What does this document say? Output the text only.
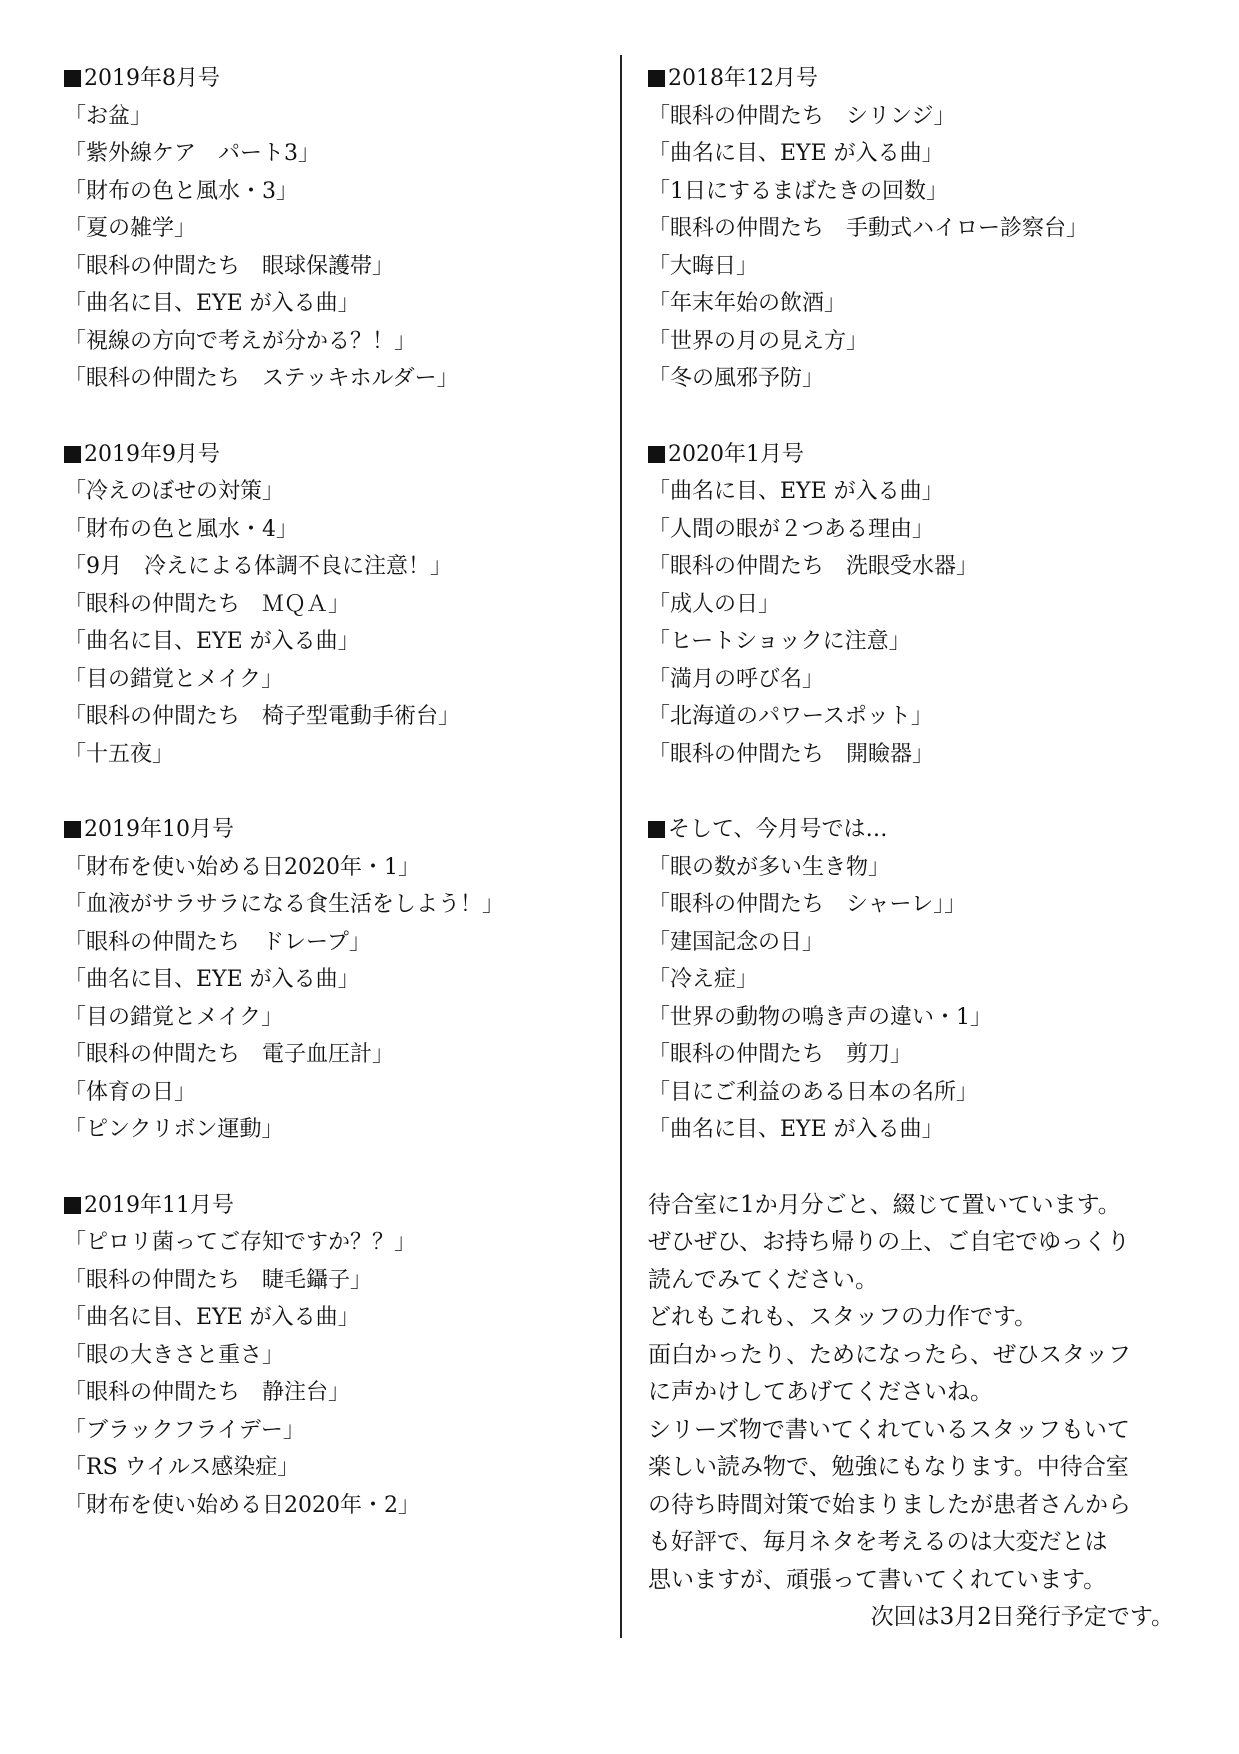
2019年8月号
「お盆」
「紫外線ケア　パート3」
「財布の色と風水・3」
「夏の雑学」
「眼科の仲間たち　眼球保護帯」
「曲名に目、EYE が入る曲」
「視線の方向で考えが分かる？！」
「眼科の仲間たち　ステッキホルダー」
2019年9月号
「冷えのぼせの対策」
「財布の色と風水・4」
「9月　冷えによる体調不良に注意！」
「眼科の仲間たち　ＭＱＡ」
「曲名に目、EYE が入る曲」
「目の錯覚とメイク」
「眼科の仲間たち　椅子型電動手術台」
「十五夜」
2019年10月号
「財布を使い始める日2020年・1」
「血液がサラサラになる食生活をしよう！」
「眼科の仲間たち　ドレープ」
「曲名に目、EYE が入る曲」
「目の錯覚とメイク」
「眼科の仲間たち　電子血圧計」
「体育の日」
「ピンクリボン運動」
2019年11月号
「ピロリ菌ってご存知ですか？？」
「眼科の仲間たち　睫毛鑷子」
「曲名に目、EYE が入る曲」
「眼の大きさと重さ」
「眼科の仲間たち　静注台」
「ブラックフライデー」
「RS ウイルス感染症」
「財布を使い始める日2020年・2」
2018年12月号
「眼科の仲間たち　シリンジ」
「曲名に目、EYE が入る曲」
「1日にするまばたきの回数」
「眼科の仲間たち　手動式ハイロー診察台」
「大晦日」
「年末年始の飲酒」
「世界の月の見え方」
「冬の風邪予防」
2020年1月号
「曲名に目、EYE が入る曲」
「人間の眼が２つある理由」
「眼科の仲間たち　洗眼受水器」
「成人の日」
「ヒートショックに注意」
「満月の呼び名」
「北海道のパワースポット」
「眼科の仲間たち　開瞼器」
そして、今月号では…
「眼の数が多い生き物」
「眼科の仲間たち　シャーレ」」
「建国記念の日」
「冷え症」
「世界の動物の鳴き声の違い・1」
「眼科の仲間たち　剪刀」
「目にご利益のある日本の名所」
「曲名に目、EYE が入る曲」
待合室に1か月分ごと、綴じて置いています。
ぜひぜひ、お持ち帰りの上、ご自宅でゆっくり
読んでみてください。
どれもこれも、スタッフの力作です。
面白かったり、ためになったら、ぜひスタッフ
に声かけしてあげてくださいね。
シリーズ物で書いてくれているスタッフもいて
楽しい読み物で、勉強にもなります。中待合室
の待ち時間対策で始まりましたが患者さんから
も好評で、毎月ネタを考えるのは大変だとは
思いますが、頑張って書いてくれています。
次回は3月2日発行予定です。
